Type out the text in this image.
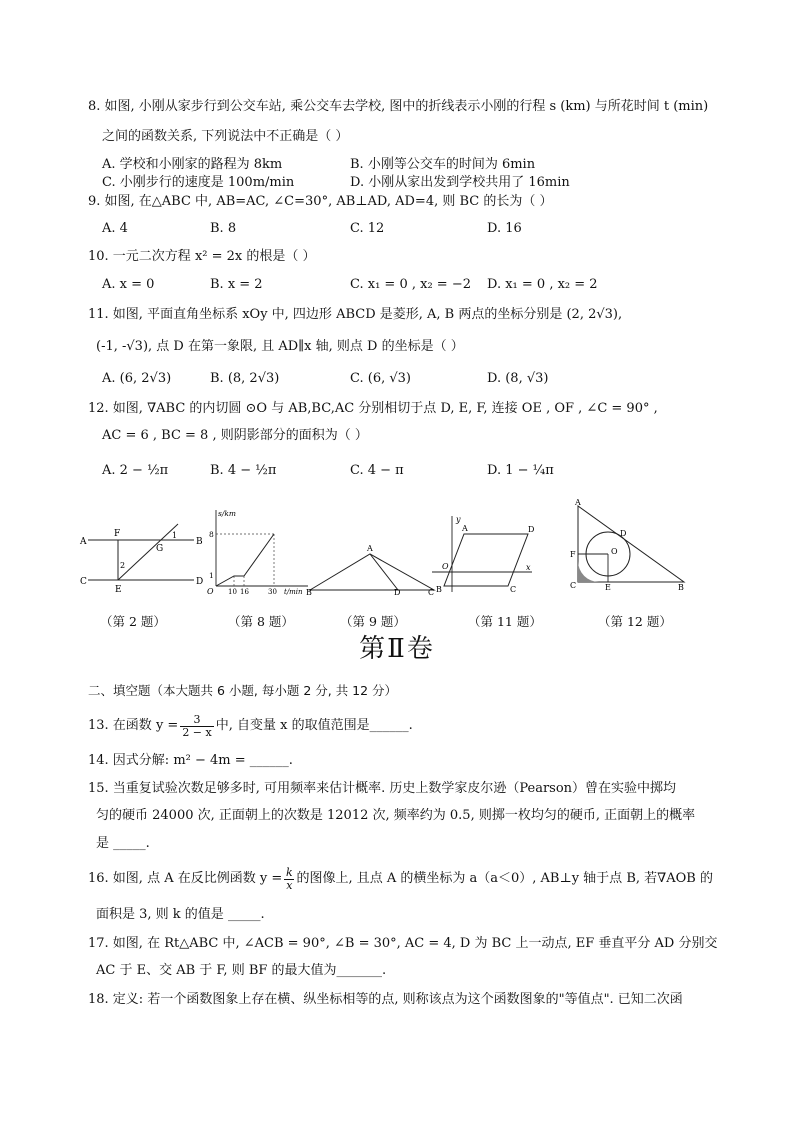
8. 如图, 小刚从家步行到公交车站, 乘公交车去学校, 图中的折线表示小刚的行程 s (km) 与所花时间 t (min)
之间的函数关系, 下列说法中不正确是（ ）
A. 学校和小刚家的路程为 8km	B. 小刚等公交车的时间为 6min
C. 小刚步行的速度是 100m/min	D. 小刚从家出发到学校共用了 16min
9. 如图, 在△ABC 中, AB=AC, ∠C=30°, AB⊥AD, AD=4, 则 BC 的长为（ ）
A. 4	B. 8	C. 12	D. 16
10. 一元二次方程 x² = 2x 的根是（ ）
A. x = 0	B. x = 2	C. x₁ = 0 , x₂ = −2 D. x₁ = 0 , x₂ = 2
11. 如图, 平面直角坐标系 xOy 中, 四边形 ABCD 是菱形, A, B 两点的坐标分别是 (2, 2√3),
(-1, -√3), 点 D 在第一象限, 且 AD∥x 轴, 则点 D 的坐标是（ ）
A. (6, 2√3)	B. (8, 2√3)	C. (6, √3)	D. (8, √3)
12. 如图, ∇ABC 的内切圆 ⊙O 与 AB,BC,AC 分别相切于点 D, E, F, 连接 OE , OF , ∠C = 90° ,
AC = 6 , BC = 8 , 则阴影部分的面积为（ ）
A. 2 − ½π	B. 4 − ½π	C. 4 − π	D. 1 − ¼π
A	B
C	D
F
E
G
1
2
s/km
t/min
8
1
O 10 16	30
A
B	C
D
y
x
O
A	D
B	C
A
C	B
D
E
F	O
（第 2 题）	（第 8 题）	（第 9 题）	（第 11 题）	（第 12 题）
第Ⅱ卷
二、填空题（本大题共 6 小题, 每小题 2 分, 共 12 分）
13. 在函数 $y = \frac{3}{2 - x}$ 中, 自变量 x 的取值范围是______.
14. 因式分解: m² − 4m = ______.
15. 当重复试验次数足够多时, 可用频率来估计概率. 历史上数学家皮尔逊（Pearson）曾在实验中掷均
匀的硬币 24000 次, 正面朝上的次数是 12012 次, 频率约为 0.5, 则掷一枚均匀的硬币, 正面朝上的概率
是 _____.
16. 如图, 点 A 在反比例函数 $y = \frac{k}{x}$ 的图像上, 且点 A 的横坐标为 a（a＜0）, AB⊥y 轴于点 B, 若∇AOB 的
面积是 3, 则 k 的值是 _____.
17. 如图, 在 Rt△ABC 中, ∠ACB = 90°, ∠B = 30°, AC = 4, D 为 BC 上一动点, EF 垂直平分 AD 分别交
AC 于 E、交 AB 于 F, 则 BF 的最大值为_______.
18. 定义: 若一个函数图象上存在横、纵坐标相等的点, 则称该点为这个函数图象的"等值点". 已知二次函
